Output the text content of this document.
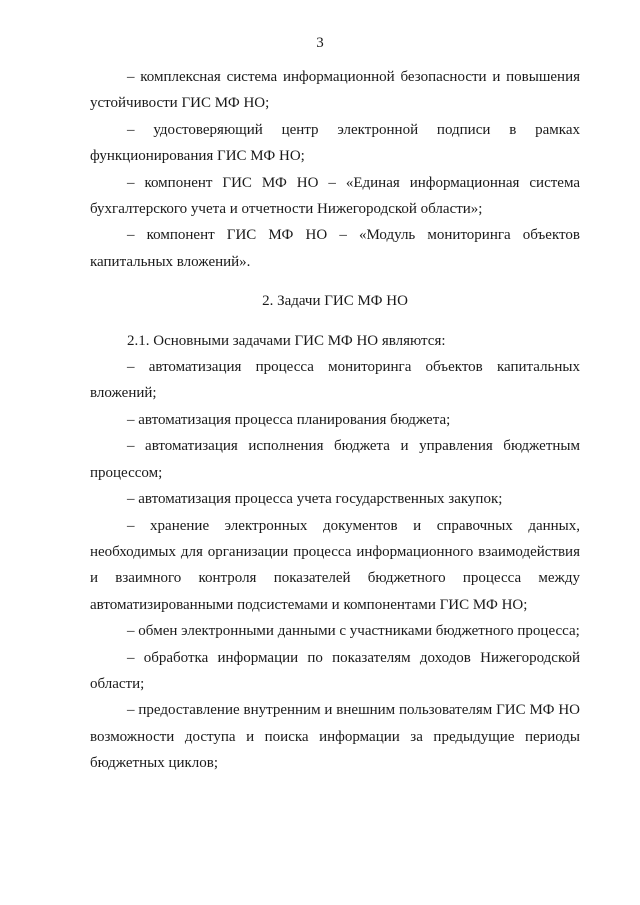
3

– комплексная система информационной безопасности и повышения устойчивости ГИС МФ НО;

– удостоверяющий центр электронной подписи в рамках функционирования ГИС МФ НО;

– компонент ГИС МФ НО – «Единая информационная система бухгалтерского учета и отчетности Нижегородской области»;

– компонент ГИС МФ НО – «Модуль мониторинга объектов капитальных вложений».

2. Задачи ГИС МФ НО

2.1. Основными задачами ГИС МФ НО являются:

– автоматизация процесса мониторинга объектов капитальных вложений;

– автоматизация процесса планирования бюджета;

– автоматизация исполнения бюджета и управления бюджетным процессом;

– автоматизация процесса учета государственных закупок;

– хранение электронных документов и справочных данных, необходимых для организации процесса информационного взаимодействия и взаимного контроля показателей бюджетного процесса между автоматизированными подсистемами и компонентами ГИС МФ НО;

– обмен электронными данными с участниками бюджетного процесса;

– обработка информации по показателям доходов Нижегородской области;

– предоставление внутренним и внешним пользователям ГИС МФ НО возможности доступа и поиска информации за предыдущие периоды бюджетных циклов;
